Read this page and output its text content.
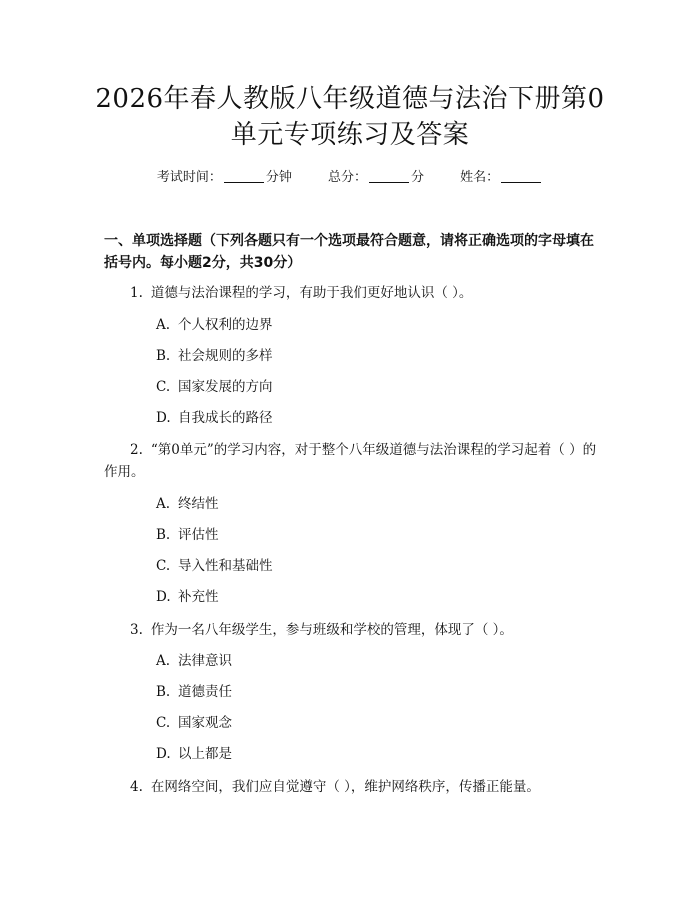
2026年春人教版八年级道德与法治下册第0
单元专项练习及答案
考试时间：	分钟	总分：	分	姓名：

一、单项选择题（下列各题只有一个选项最符合题意，请将正确选项的字母填在括号内。每小题2分，共30分）

1. 道德与法治课程的学习，有助于我们更好地认识（ ）。

A. 个人权利的边界
B. 社会规则的多样
C. 国家发展的方向
D. 自我成长的路径

2. “第0单元”的学习内容，对于整个八年级道德与法治课程的学习起着（ ）的作用。

A. 终结性
B. 评估性
C. 导入性和基础性
D. 补充性

3. 作为一名八年级学生，参与班级和学校的管理，体现了（ ）。

A. 法律意识
B. 道德责任
C. 国家观念
D. 以上都是

4. 在网络空间，我们应自觉遵守（ ），维护网络秩序，传播正能量。
